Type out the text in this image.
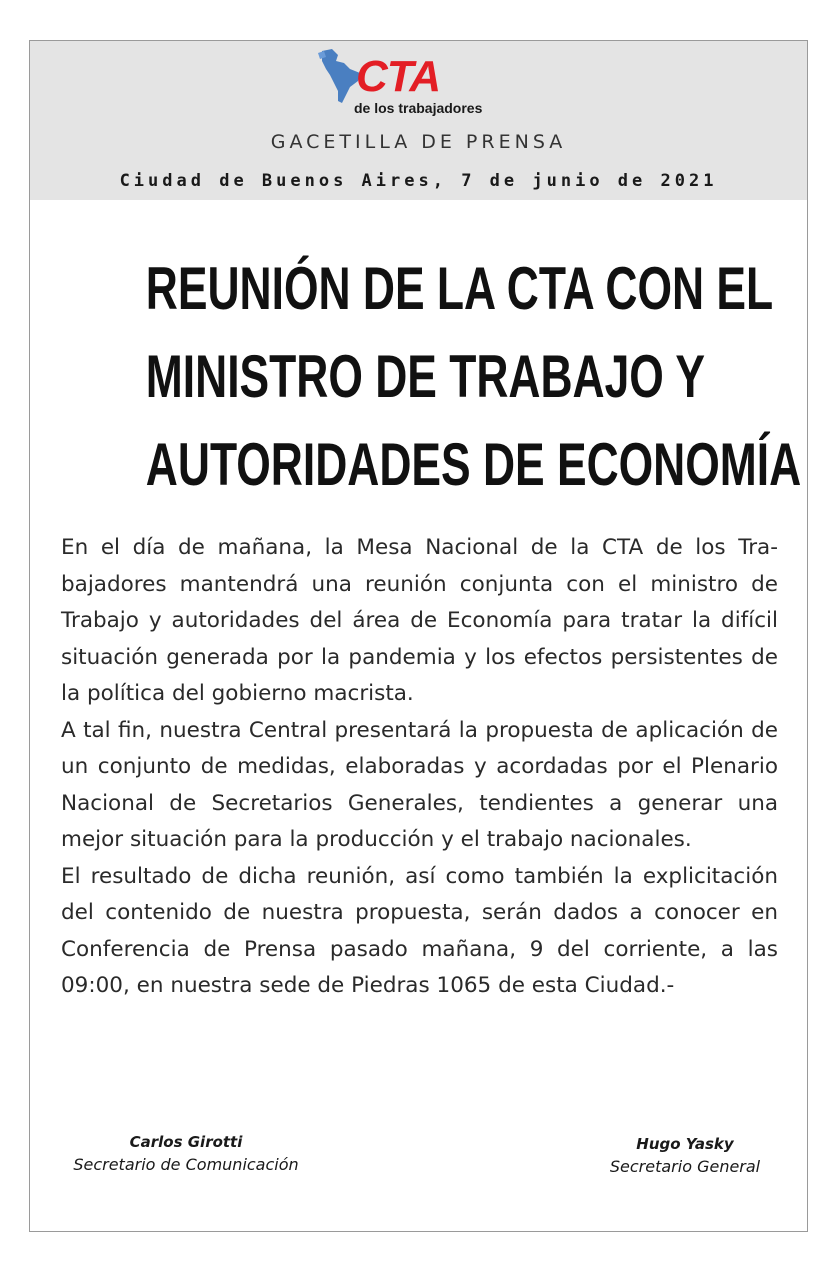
CTA
de los trabajadores
GACETILLA DE PRENSA
Ciudad de Buenos Aires, 7 de junio de 2021
REUNIÓN DE LA CTA CON EL
MINISTRO DE TRABAJO Y
AUTORIDADES DE ECONOMÍA

En el día de mañana, la Mesa Nacional de la CTA de los Trabajadores mantendrá una reunión conjunta con el ministro de Trabajo y autoridades del área de Economía para tratar la difícil situación generada por la pandemia y los efectos persistentes de la política del gobierno macrista.

A tal fin, nuestra Central presentará la propuesta de aplicación de un conjunto de medidas, elaboradas y acordadas por el Plenario Nacional de Secretarios Generales, tendientes a generar una mejor situación para la producción y el trabajo nacionales.

El resultado de dicha reunión, así como también la explicitación del contenido de nuestra propuesta, serán dados a conocer en Conferencia de Prensa pasado mañana, 9 del corriente, a las 09:00, en nuestra sede de Piedras 1065 de esta Ciudad.-

Carlos Girotti
Secretario de Comunicación
Hugo Yasky
Secretario General
